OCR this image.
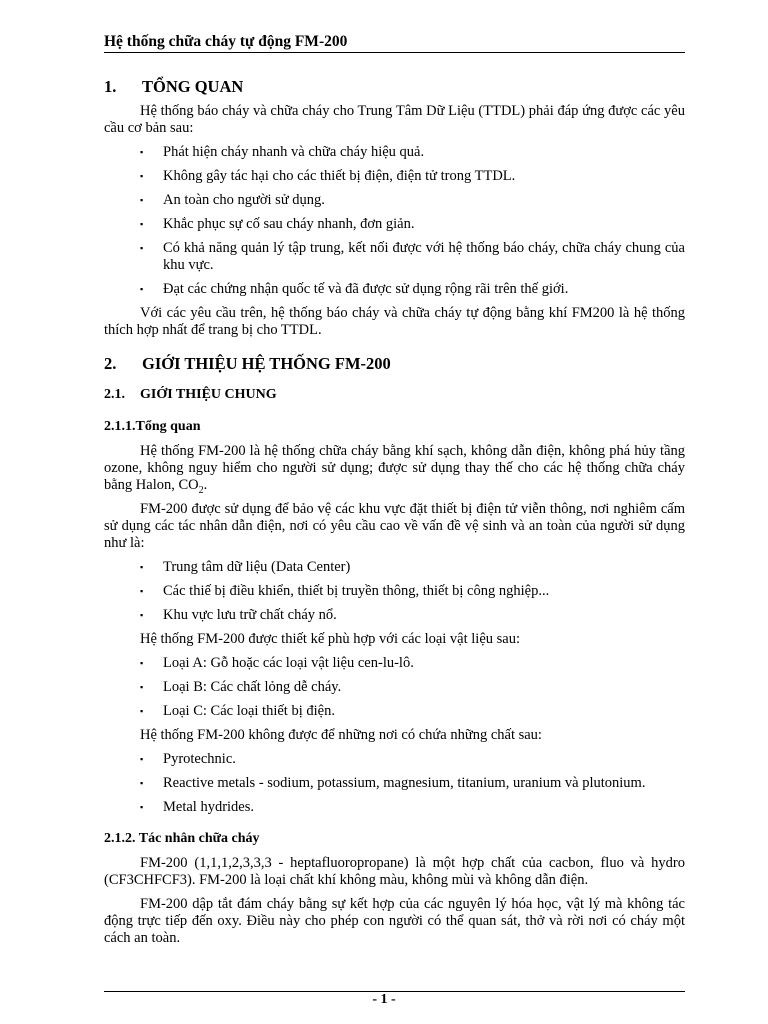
Hệ thống chữa cháy tự động FM-200
1. TỔNG QUAN

Hệ thống báo cháy và chữa cháy cho Trung Tâm Dữ Liệu (TTDL) phải đáp ứng được các yêu cầu cơ bản sau:

▪ Phát hiện cháy nhanh và chữa cháy hiệu quả.
▪ Không gây tác hại cho các thiết bị điện, điện tử trong TTDL.
▪ An toàn cho người sử dụng.
▪ Khắc phục sự cố sau cháy nhanh, đơn giản.
▪ Có khả năng quản lý tập trung, kết nối được với hệ thống báo cháy, chữa cháy chung của khu vực.
▪ Đạt các chứng nhận quốc tế và đã được sử dụng rộng rãi trên thế giới.

Với các yêu cầu trên, hệ thống báo cháy và chữa cháy tự động bằng khí FM200 là hệ thống thích hợp nhất để trang bị cho TTDL.

2. GIỚI THIỆU HỆ THỐNG FM-200
2.1. GIỚI THIỆU CHUNG
2.1.1.Tổng quan

Hệ thống FM-200 là hệ thống chữa cháy bằng khí sạch, không dẫn điện, không phá hủy tầng ozone, không nguy hiểm cho người sử dụng; được sử dụng thay thế cho các hệ thống chữa cháy bằng Halon, $CO_2$.

FM-200 được sử dụng để bảo vệ các khu vực đặt thiết bị điện tử viễn thông, nơi nghiêm cấm sử dụng các tác nhân dẫn điện, nơi có yêu cầu cao về vấn đề vệ sinh và an toàn của người sử dụng như là:

▪ Trung tâm dữ liệu (Data Center)
▪ Các thiế bị điều khiển, thiết bị truyền thông, thiết bị công nghiệp...
▪ Khu vực lưu trữ chất cháy nổ.

Hệ thống FM-200 được thiết kế phù hợp với các loại vật liệu sau:

▪ Loại A: Gỗ hoặc các loại vật liệu cen-lu-lô.
▪ Loại B: Các chất lỏng dễ cháy.
▪ Loại C: Các loại thiết bị điện.

Hệ thống FM-200 không được để những nơi có chứa những chất sau:

▪ Pyrotechnic.
▪ Reactive metals - sodium, potassium, magnesium, titanium, uranium và plutonium.
▪ Metal hydrides.
2.1.2. Tác nhân chữa cháy

FM-200 (1,1,1,2,3,3,3 - heptafluoropropane) là một hợp chất của cacbon, fluo và hydro (CF3CHFCF3). FM-200 là loại chất khí không màu, không mùi và không dẫn điện.

FM-200 dập tắt đám cháy bằng sự kết hợp của các nguyên lý hóa học, vật lý mà không tác động trực tiếp đến oxy. Điều này cho phép con người có thể quan sát, thở và rời nơi có cháy một cách an toàn.

- 1 -
